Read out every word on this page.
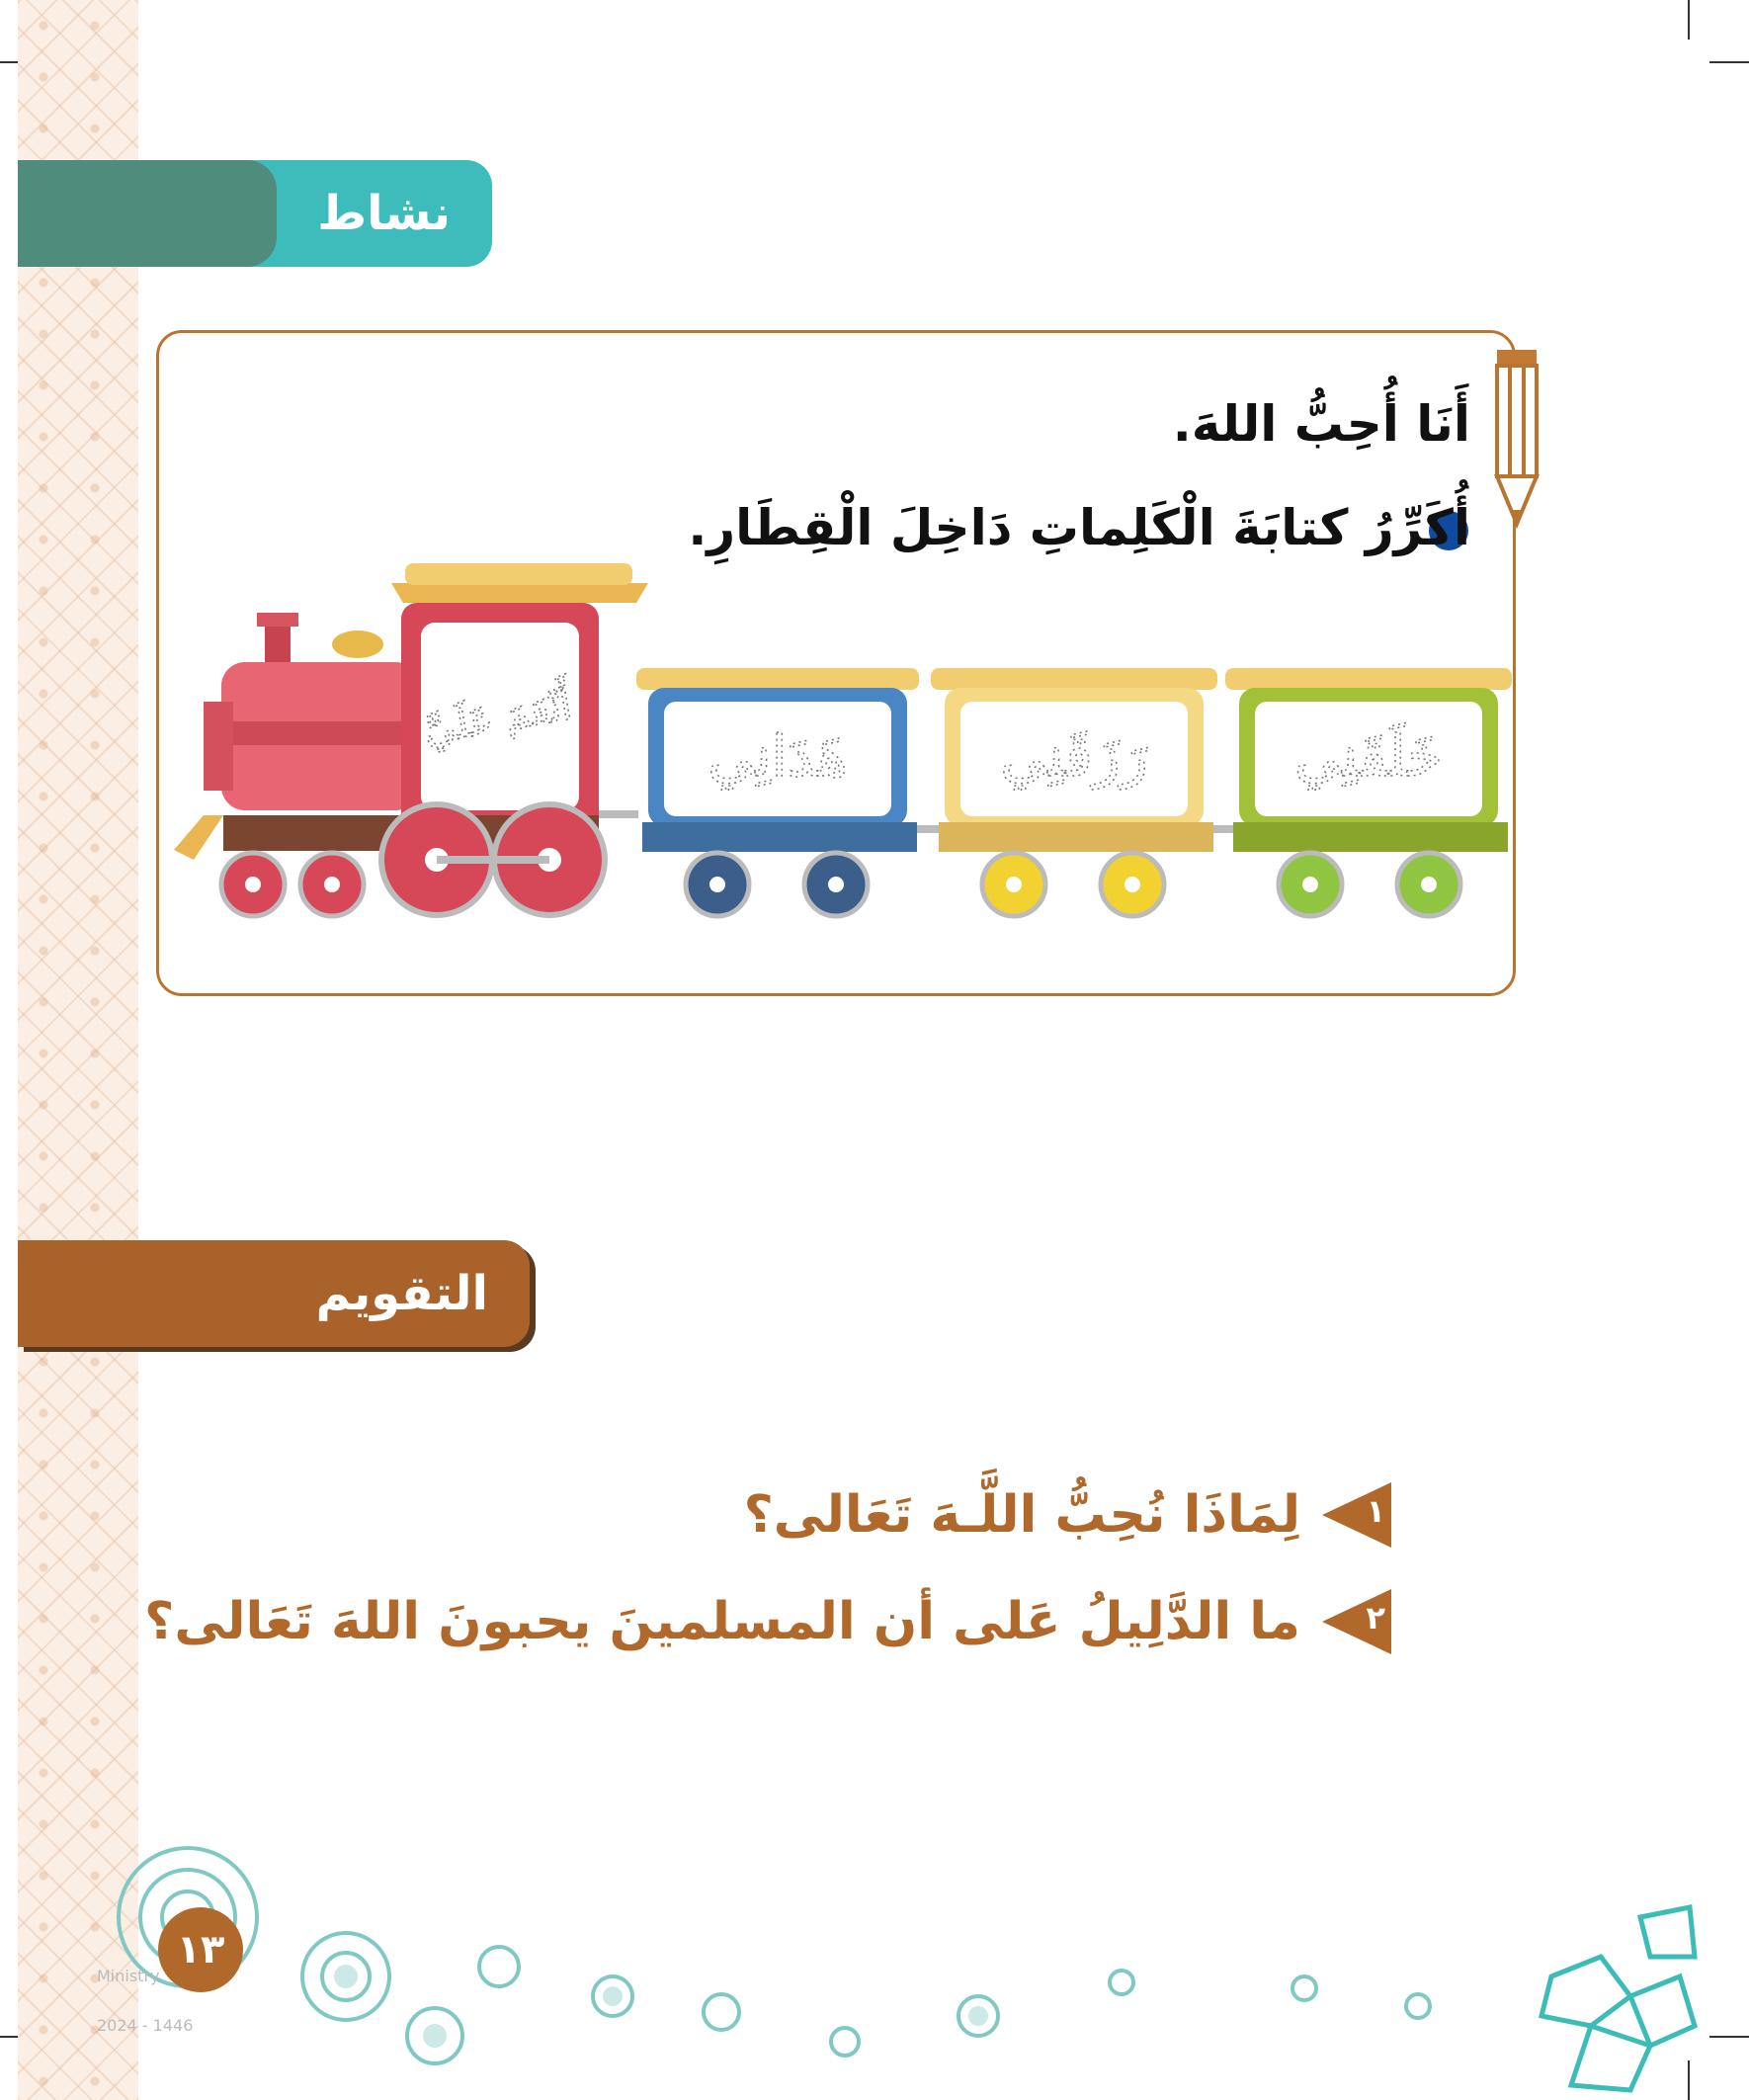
نشاط
أَنَا أُحِبُّ اللهَ.
أُكَرِّرُ كتابَةَ الْكَلِماتِ دَاخِلَ الْقِطَارِ.
أَنْعَمَ عَلَيَّ
هَدَانِي	رَزَقَنِي	خَلَقَنِي
التقويم
١
لِمَاذَا نُحِبُّ اللَّـهَ تَعَالى؟
٢
ما الدَّلِيلُ عَلى أن المسلمينَ يحبونَ اللهَ تَعَالى؟
١٣
Ministry
2024 - 1446
